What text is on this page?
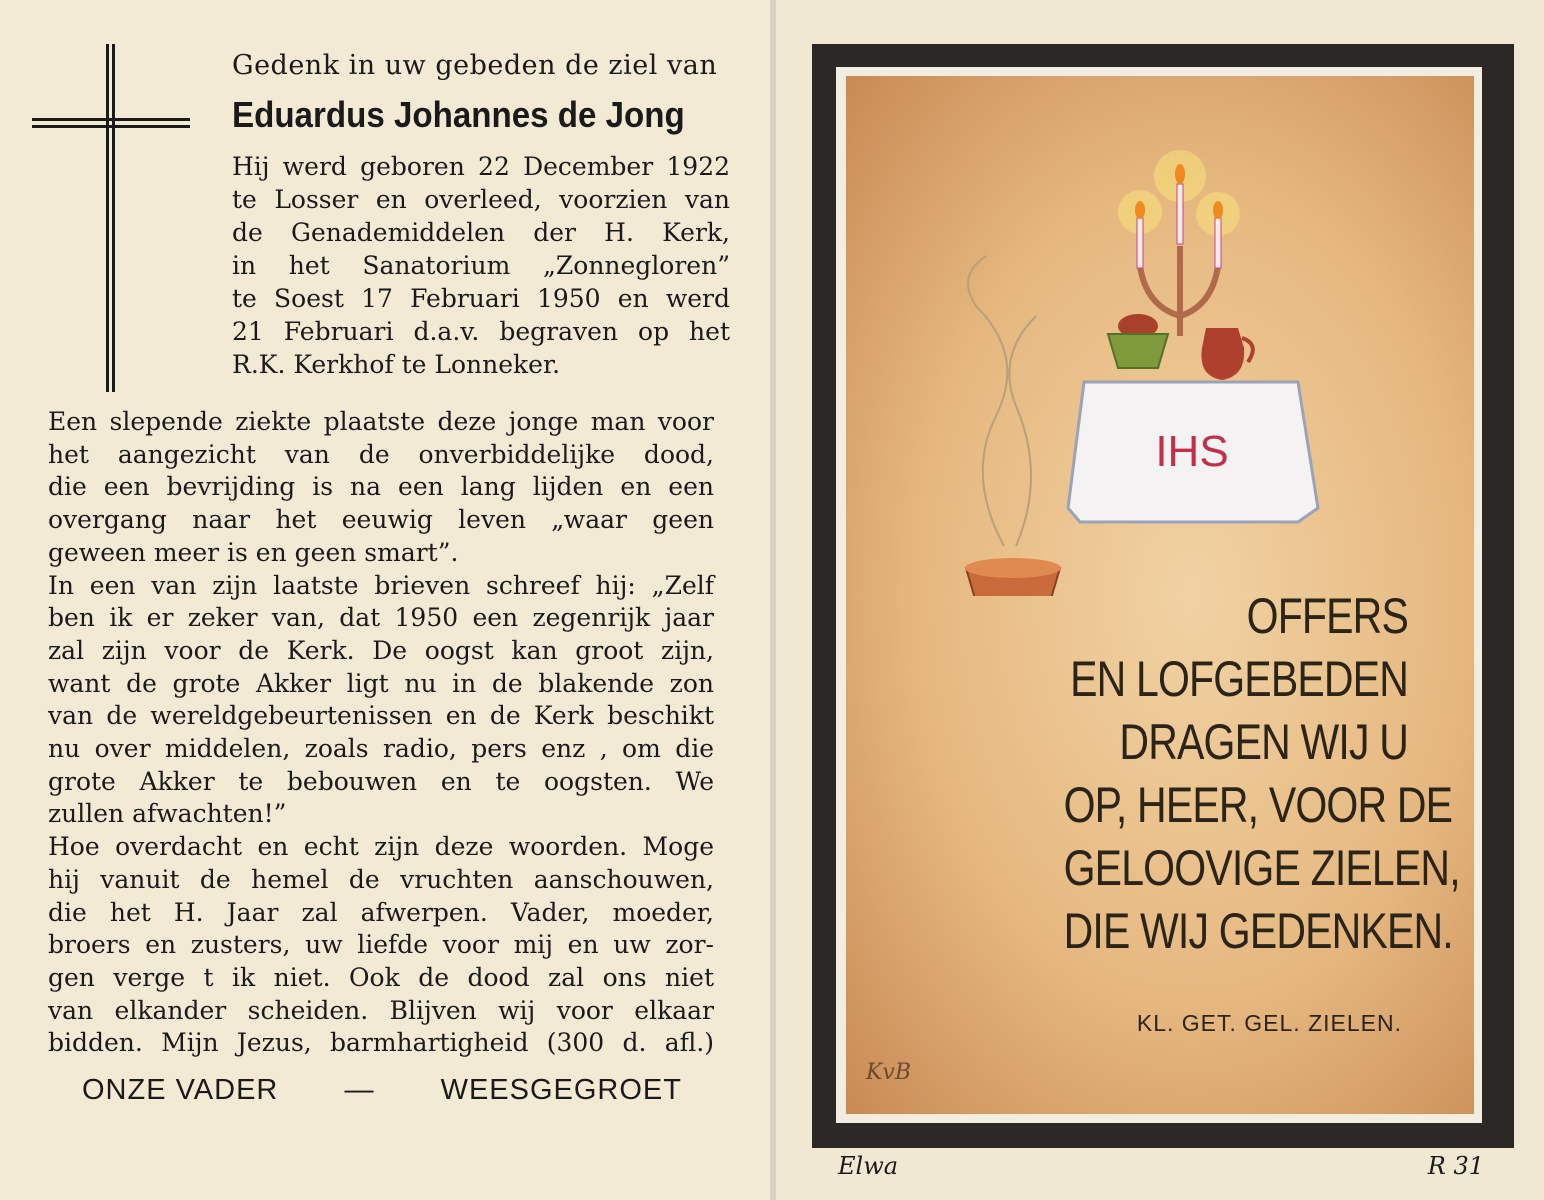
Gedenk in uw gebeden de ziel van
Eduardus Johannes de Jong
Hij werd geboren 22 December 1922
te Losser en overleed, voorzien van
de Genademiddelen der H. Kerk,
in het Sanatorium „Zonnegloren”
te Soest 17 Februari 1950 en werd
21 Februari d.a.v. begraven op het
R.K. Kerkhof te Lonneker.
Een slepende ziekte plaatste deze jonge man voor
het aangezicht van de onverbiddelijke dood,
die een bevrijding is na een lang lijden en een
overgang naar het eeuwig leven „waar geen
geween meer is en geen smart”.
In een van zijn laatste brieven schreef hij: „Zelf
ben ik er zeker van, dat 1950 een zegenrijk jaar
zal zijn voor de Kerk. De oogst kan groot zijn,
want de grote Akker ligt nu in de blakende zon
van de wereldgebeurtenissen en de Kerk beschikt
nu over middelen, zoals radio, pers enz , om die
grote Akker te bebouwen en te oogsten. We
zullen afwachten!”
Hoe overdacht en echt zijn deze woorden. Moge
hij vanuit de hemel de vruchten aanschouwen,
die het H. Jaar zal afwerpen. Vader, moeder,
broers en zusters, uw liefde voor mij en uw zor-
gen verge t ik niet. Ook de dood zal ons niet
van elkander scheiden. Blijven wij voor elkaar
bidden. Mijn Jezus, barmhartigheid (300 d. afl.)
ONZE VADER — WEESGEGROET
IHS
OFFERS
EN LOFGEBEDEN
DRAGEN WIJ U
OP, HEER, VOOR DE
GELOOVIGE ZIELEN,
DIE WIJ GEDENKEN.
KL. GET. GEL. ZIELEN.
KvB
Elwa	R 31
